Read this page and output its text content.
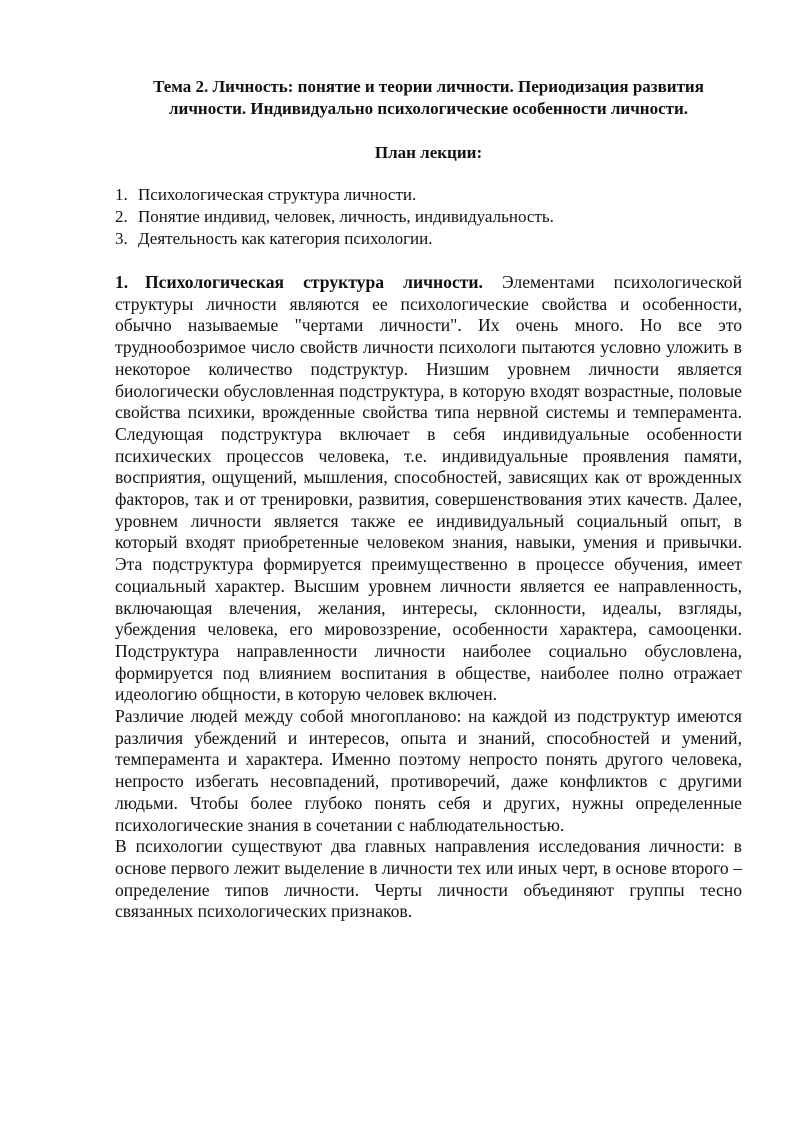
Тема 2. Личность: понятие и теории личности. Периодизация развития личности. Индивидуально психологические особенности личности.

План лекции:

1. Психологическая структура личности.
2. Понятие индивид, человек, личность, индивидуальность.
3. Деятельность как категория психологии.

1. Психологическая структура личности. Элементами психологической структуры личности являются ее психологические свойства и особенности, обычно называемые "чертами личности". Их очень много. Но все это труднообозримое число свойств личности психологи пытаются условно уложить в некоторое количество подструктур. Низшим уровнем личности является биологически обусловленная подструктура, в которую входят возрастные, половые свойства психики, врожденные свойства типа нервной системы и темперамента. Следующая подструктура включает в себя индивидуальные особенности психических процессов человека, т.е. индивидуальные проявления памяти, восприятия, ощущений, мышления, способностей, зависящих как от врожденных факторов, так и от тренировки, развития, совершенствования этих качеств. Далее, уровнем личности является также ее индивидуальный социальный опыт, в который входят приобретенные человеком знания, навыки, умения и привычки. Эта подструктура формируется преимущественно в процессе обучения, имеет социальный характер. Высшим уровнем личности является ее направленность, включающая влечения, желания, интересы, склонности, идеалы, взгляды, убеждения человека, его мировоззрение, особенности характера, самооценки. Подструктура направленности личности наиболее социально обусловлена, формируется под влиянием воспитания в обществе, наиболее полно отражает идеологию общности, в которую человек включен.

Различие людей между собой многопланово: на каждой из подструктур имеются различия убеждений и интересов, опыта и знаний, способностей и умений, темперамента и характера. Именно поэтому непросто понять другого человека, непросто избегать несовпадений, противоречий, даже конфликтов с другими людьми. Чтобы более глубоко понять себя и других, нужны определенные психологические знания в сочетании с наблюдательностью.

В психологии существуют два главных направления исследования личности: в основе первого лежит выделение в личности тех или иных черт, в основе второго – определение типов личности. Черты личности объединяют группы тесно связанных психологических признаков.
